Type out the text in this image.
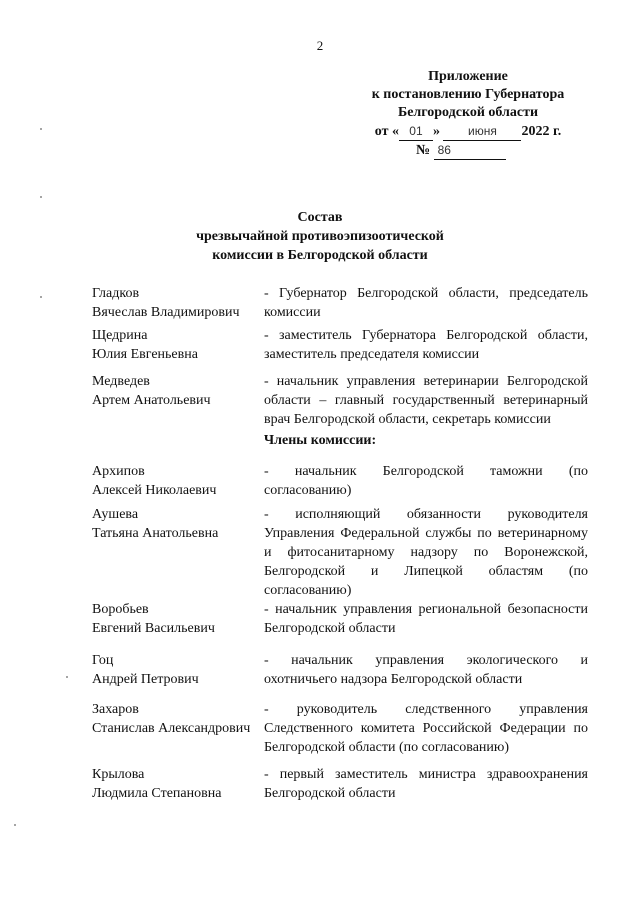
2
Приложение
к постановлению Губернатора
Белгородской области
от « 01 » июня 2022 г.
№ 86
Состав
чрезвычайной противоэпизоотической
комиссии в Белгородской области
Гладков
Вячеслав Владимирович
- Губернатор Белгородской области, председатель комиссии
Щедрина
Юлия Евгеньевна
- заместитель Губернатора Белгородской области, заместитель председателя комиссии
Медведев
Артем Анатольевич
- начальник управления ветеринарии Белгородской области – главный государственный ветеринарный врач Белгородской области, секретарь комиссии
Члены комиссии:
Архипов
Алексей Николаевич
- начальник Белгородской таможни (по согласованию)
Аушева
Татьяна Анатольевна
- исполняющий обязанности руководителя Управления Федеральной службы по ветеринарному и фитосанитарному надзору по Воронежской, Белгородской и Липецкой областям (по согласованию)
Воробьев
Евгений Васильевич
- начальник управления региональной безопасности Белгородской области
Гоц
Андрей Петрович
- начальник управления экологического и охотничьего надзора Белгородской области
Захаров
Станислав Александрович
- руководитель следственного управления Следственного комитета Российской Федерации по Белгородской области (по согласованию)
Крылова
Людмила Степановна
- первый заместитель министра здравоохранения Белгородской области
